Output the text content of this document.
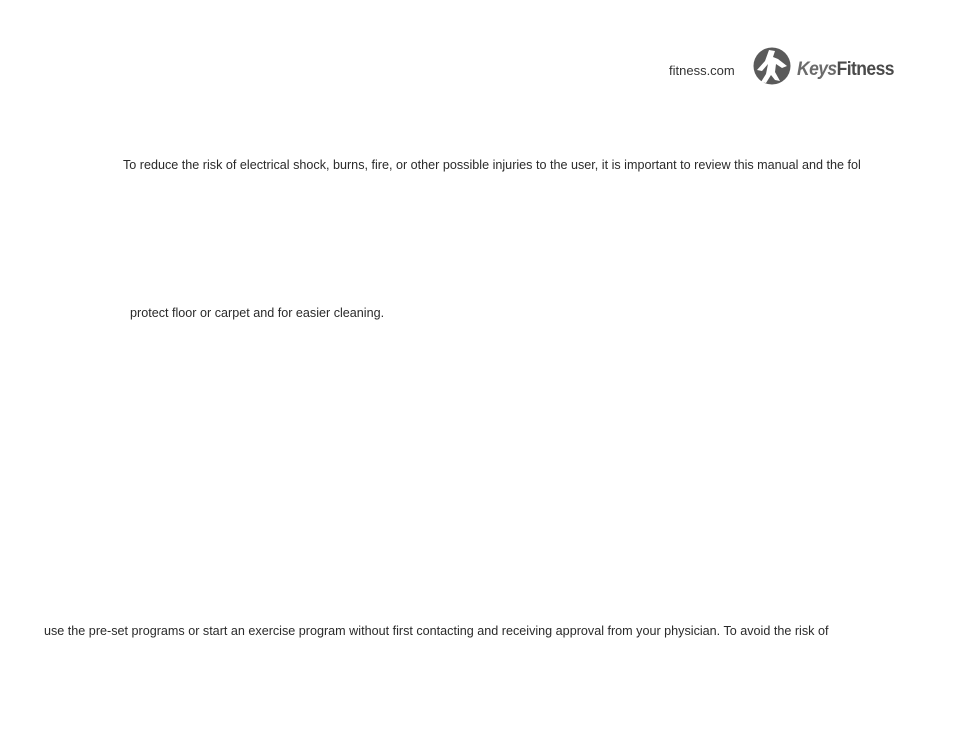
fitness.com	KeysFitness
To reduce the risk of electrical shock, burns, fire, or other possible injuries to the user, it is important to review this manual and the fol
protect floor or carpet and for easier cleaning.
use the pre-set programs or start an exercise program without first contacting and receiving approval from your physician. To avoid the risk of
